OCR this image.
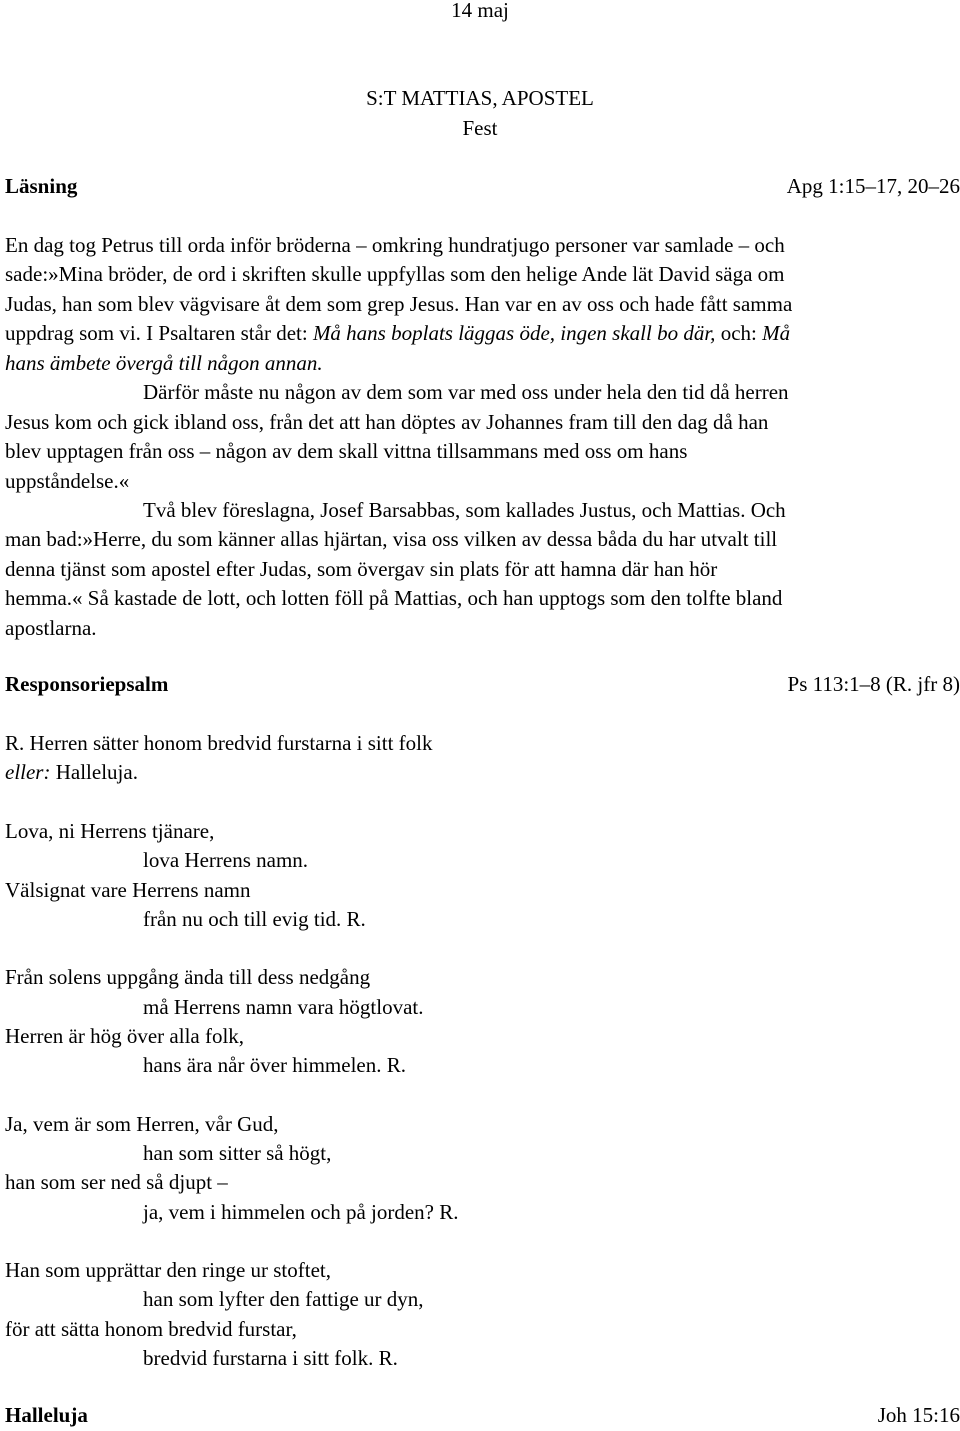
14 maj

S:T MATTIAS, APOSTEL

Fest

Läsning	Apg 1:15–17, 20–26

En dag tog Petrus till orda inför bröderna – omkring hundratjugo personer var samlade – och

sade:»Mina bröder, de ord i skriften skulle uppfyllas som den helige Ande lät David säga om

Judas, han som blev vägvisare åt dem som grep Jesus. Han var en av oss och hade fått samma

uppdrag som vi. I Psaltaren står det: Må hans boplats läggas öde, ingen skall bo där, och: Må

hans ämbete övergå till någon annan.

Därför måste nu någon av dem som var med oss under hela den tid då herren

Jesus kom och gick ibland oss, från det att han döptes av Johannes fram till den dag då han

blev upptagen från oss – någon av dem skall vittna tillsammans med oss om hans

uppståndelse.«

Två blev föreslagna, Josef Barsabbas, som kallades Justus, och Mattias. Och

man bad:»Herre, du som känner allas hjärtan, visa oss vilken av dessa båda du har utvalt till

denna tjänst som apostel efter Judas, som övergav sin plats för att hamna där han hör

hemma.« Så kastade de lott, och lotten föll på Mattias, och han upptogs som den tolfte bland

apostlarna.

Responsoriepsalm	Ps 113:1–8 (R. jfr 8)

R. Herren sätter honom bredvid furstarna i sitt folk

eller: Halleluja.

Lova, ni Herrens tjänare,

lova Herrens namn.

Välsignat vare Herrens namn

från nu och till evig tid. R.

Från solens uppgång ända till dess nedgång

må Herrens namn vara högtlovat.

Herren är hög över alla folk,

hans ära når över himmelen. R.

Ja, vem är som Herren, vår Gud,

han som sitter så högt,

han som ser ned så djupt –

ja, vem i himmelen och på jorden? R.

Han som upprättar den ringe ur stoftet,

han som lyfter den fattige ur dyn,

för att sätta honom bredvid furstar,

bredvid furstarna i sitt folk. R.

Halleluja	Joh 15:16
